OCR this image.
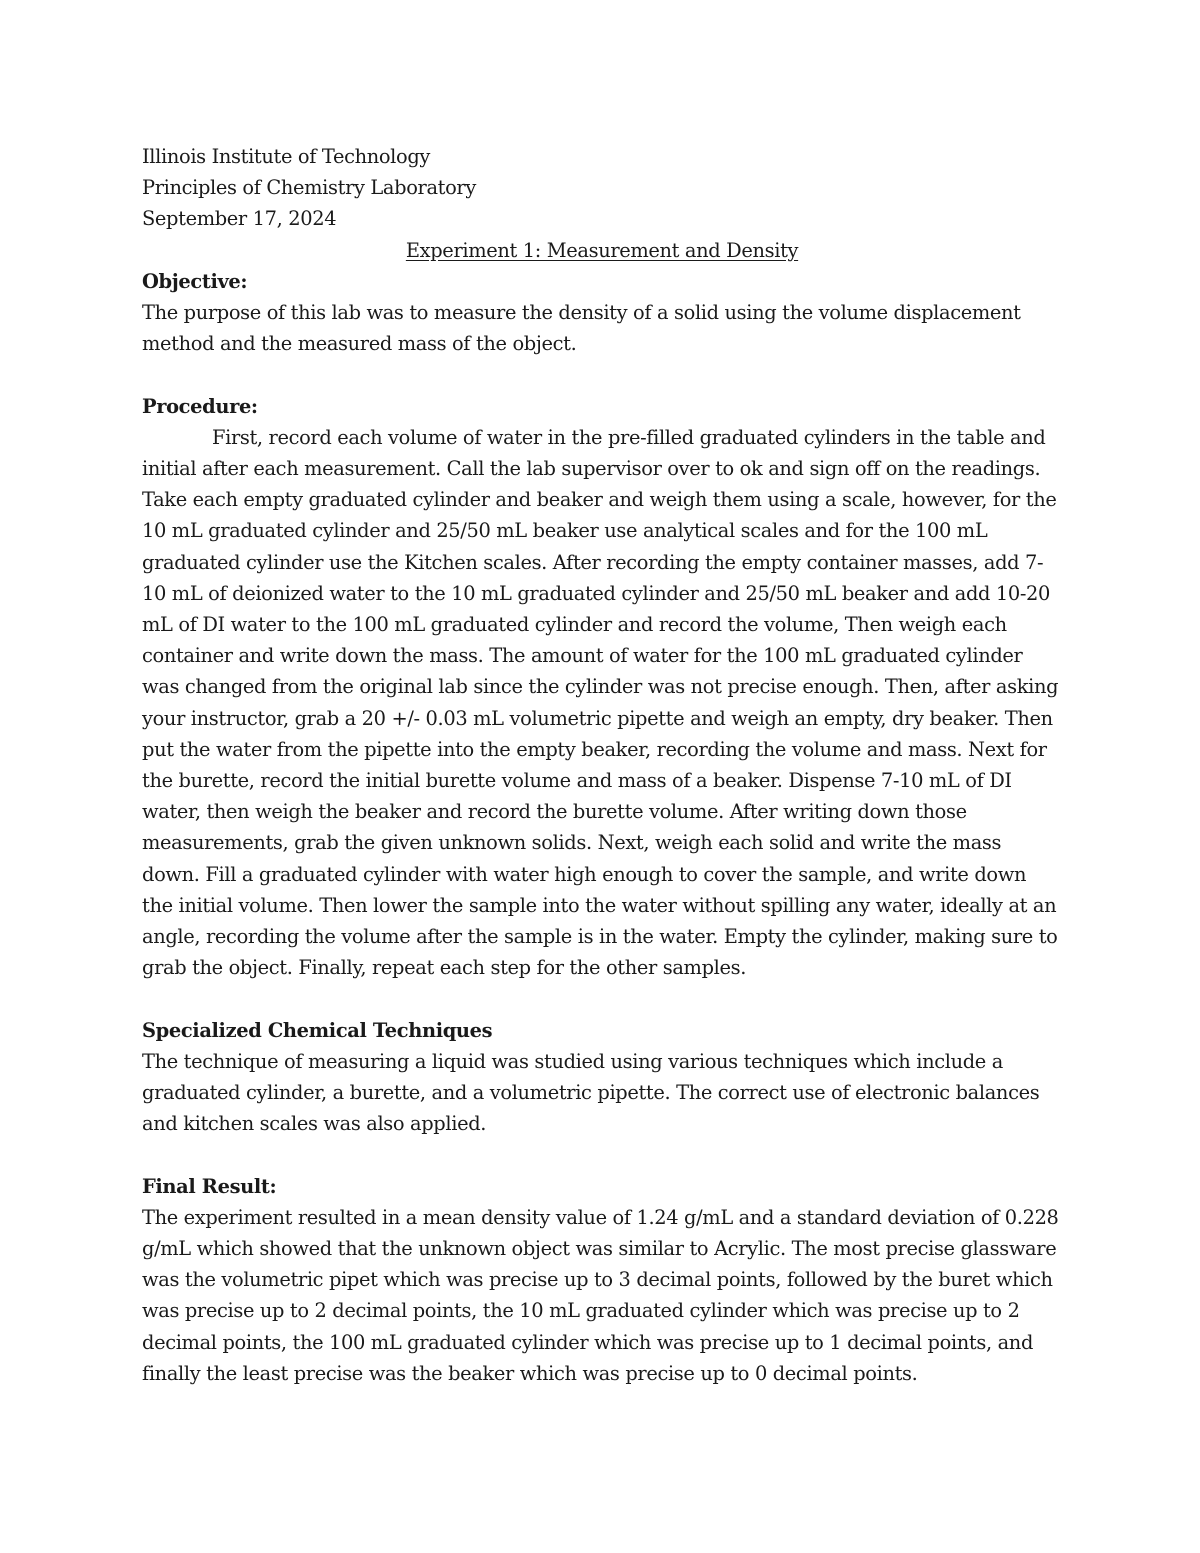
Illinois Institute of Technology
Principles of Chemistry Laboratory
September 17, 2024
Experiment 1: Measurement and Density
Objective:

The purpose of this lab was to measure the density of a solid using the volume displacement method and the measured mass of the object.

Procedure:

First, record each volume of water in the pre-filled graduated cylinders in the table and initial after each measurement. Call the lab supervisor over to ok and sign off on the readings. Take each empty graduated cylinder and beaker and weigh them using a scale, however, for the 10 mL graduated cylinder and 25/50 mL beaker use analytical scales and for the 100 mL graduated cylinder use the Kitchen scales. After recording the empty container masses, add 7-10 mL of deionized water to the 10 mL graduated cylinder and 25/50 mL beaker and add 10-20 mL of DI water to the 100 mL graduated cylinder and record the volume, Then weigh each container and write down the mass. The amount of water for the 100 mL graduated cylinder was changed from the original lab since the cylinder was not precise enough. Then, after asking your instructor, grab a 20 +/- 0.03 mL volumetric pipette and weigh an empty, dry beaker. Then put the water from the pipette into the empty beaker, recording the volume and mass. Next for the burette, record the initial burette volume and mass of a beaker. Dispense 7-10 mL of DI water, then weigh the beaker and record the burette volume. After writing down those measurements, grab the given unknown solids. Next, weigh each solid and write the mass down. Fill a graduated cylinder with water high enough to cover the sample, and write down the initial volume. Then lower the sample into the water without spilling any water, ideally at an angle, recording the volume after the sample is in the water. Empty the cylinder, making sure to grab the object. Finally, repeat each step for the other samples.

Specialized Chemical Techniques

The technique of measuring a liquid was studied using various techniques which include a graduated cylinder, a burette, and a volumetric pipette. The correct use of electronic balances and kitchen scales was also applied.

Final Result:

The experiment resulted in a mean density value of 1.24 g/mL and a standard deviation of 0.228 g/mL which showed that the unknown object was similar to Acrylic. The most precise glassware was the volumetric pipet which was precise up to 3 decimal points, followed by the buret which was precise up to 2 decimal points, the 10 mL graduated cylinder which was precise up to 2 decimal points, the 100 mL graduated cylinder which was precise up to 1 decimal points, and finally the least precise was the beaker which was precise up to 0 decimal points.
